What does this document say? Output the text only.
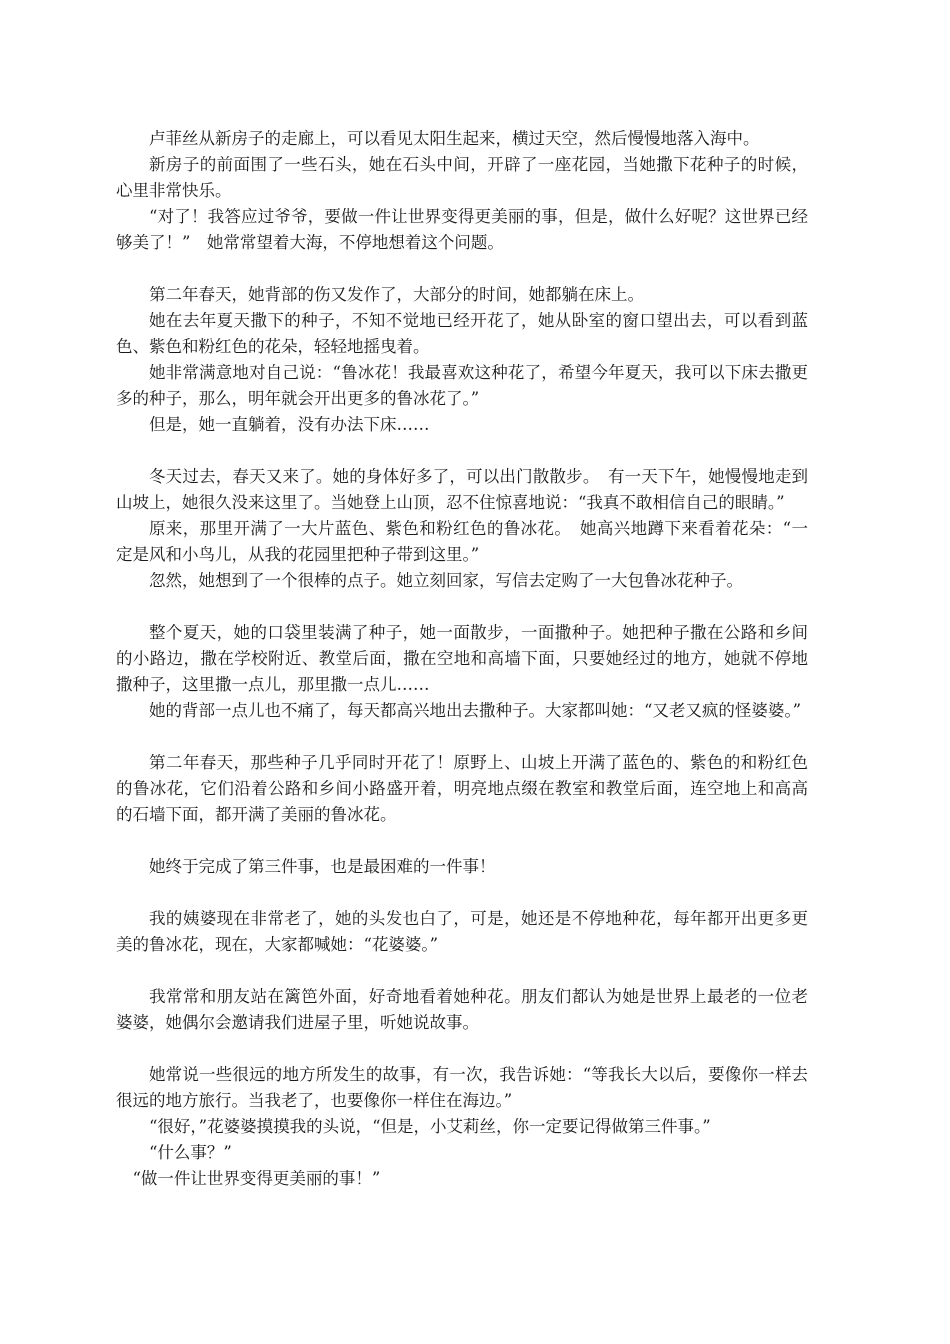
卢菲丝从新房子的走廊上，可以看见太阳生起来，横过天空，然后慢慢地落入海中。

新房子的前面围了一些石头，她在石头中间，开辟了一座花园，当她撒下花种子的时候，心里非常快乐。

“对了！我答应过爷爷，要做一件让世界变得更美丽的事，但是，做什么好呢？这世界已经够美了！”　她常常望着大海，不停地想着这个问题。

第二年春天，她背部的伤又发作了，大部分的时间，她都躺在床上。

她在去年夏天撒下的种子，不知不觉地已经开花了，她从卧室的窗口望出去，可以看到蓝色、紫色和粉红色的花朵，轻轻地摇曳着。

她非常满意地对自己说：“鲁冰花！我最喜欢这种花了，希望今年夏天，我可以下床去撒更多的种子，那么，明年就会开出更多的鲁冰花了。”

但是，她一直躺着，没有办法下床……

冬天过去，春天又来了。她的身体好多了，可以出门散散步。　有一天下午，她慢慢地走到山坡上，她很久没来这里了。当她登上山顶，忍不住惊喜地说：“我真不敢相信自己的眼睛。”

原来，那里开满了一大片蓝色、紫色和粉红色的鲁冰花。　她高兴地蹲下来看着花朵：“一定是风和小鸟儿，从我的花园里把种子带到这里。”

忽然，她想到了一个很棒的点子。她立刻回家，写信去定购了一大包鲁冰花种子。

整个夏天，她的口袋里装满了种子，她一面散步，一面撒种子。她把种子撒在公路和乡间的小路边，撒在学校附近、教堂后面，撒在空地和高墙下面，只要她经过的地方，她就不停地撒种子，这里撒一点儿，那里撒一点儿……

她的背部一点儿也不痛了，每天都高兴地出去撒种子。大家都叫她：“又老又疯的怪婆婆。”

第二年春天，那些种子几乎同时开花了！原野上、山坡上开满了蓝色的、紫色的和粉红色的鲁冰花，它们沿着公路和乡间小路盛开着，明亮地点缀在教室和教堂后面，连空地上和高高的石墙下面，都开满了美丽的鲁冰花。

她终于完成了第三件事，也是最困难的一件事！

我的姨婆现在非常老了，她的头发也白了，可是，她还是不停地种花，每年都开出更多更美的鲁冰花，现在，大家都喊她：“花婆婆。”

我常常和朋友站在篱笆外面，好奇地看着她种花。朋友们都认为她是世界上最老的一位老婆婆，她偶尔会邀请我们进屋子里，听她说故事。

她常说一些很远的地方所发生的故事，有一次，我告诉她：“等我长大以后，要像你一样去很远的地方旅行。当我老了，也要像你一样住在海边。”

“很好，”花婆婆摸摸我的头说，“但是，小艾莉丝，你一定要记得做第三件事。”

“什么事？”

“做一件让世界变得更美丽的事！”
